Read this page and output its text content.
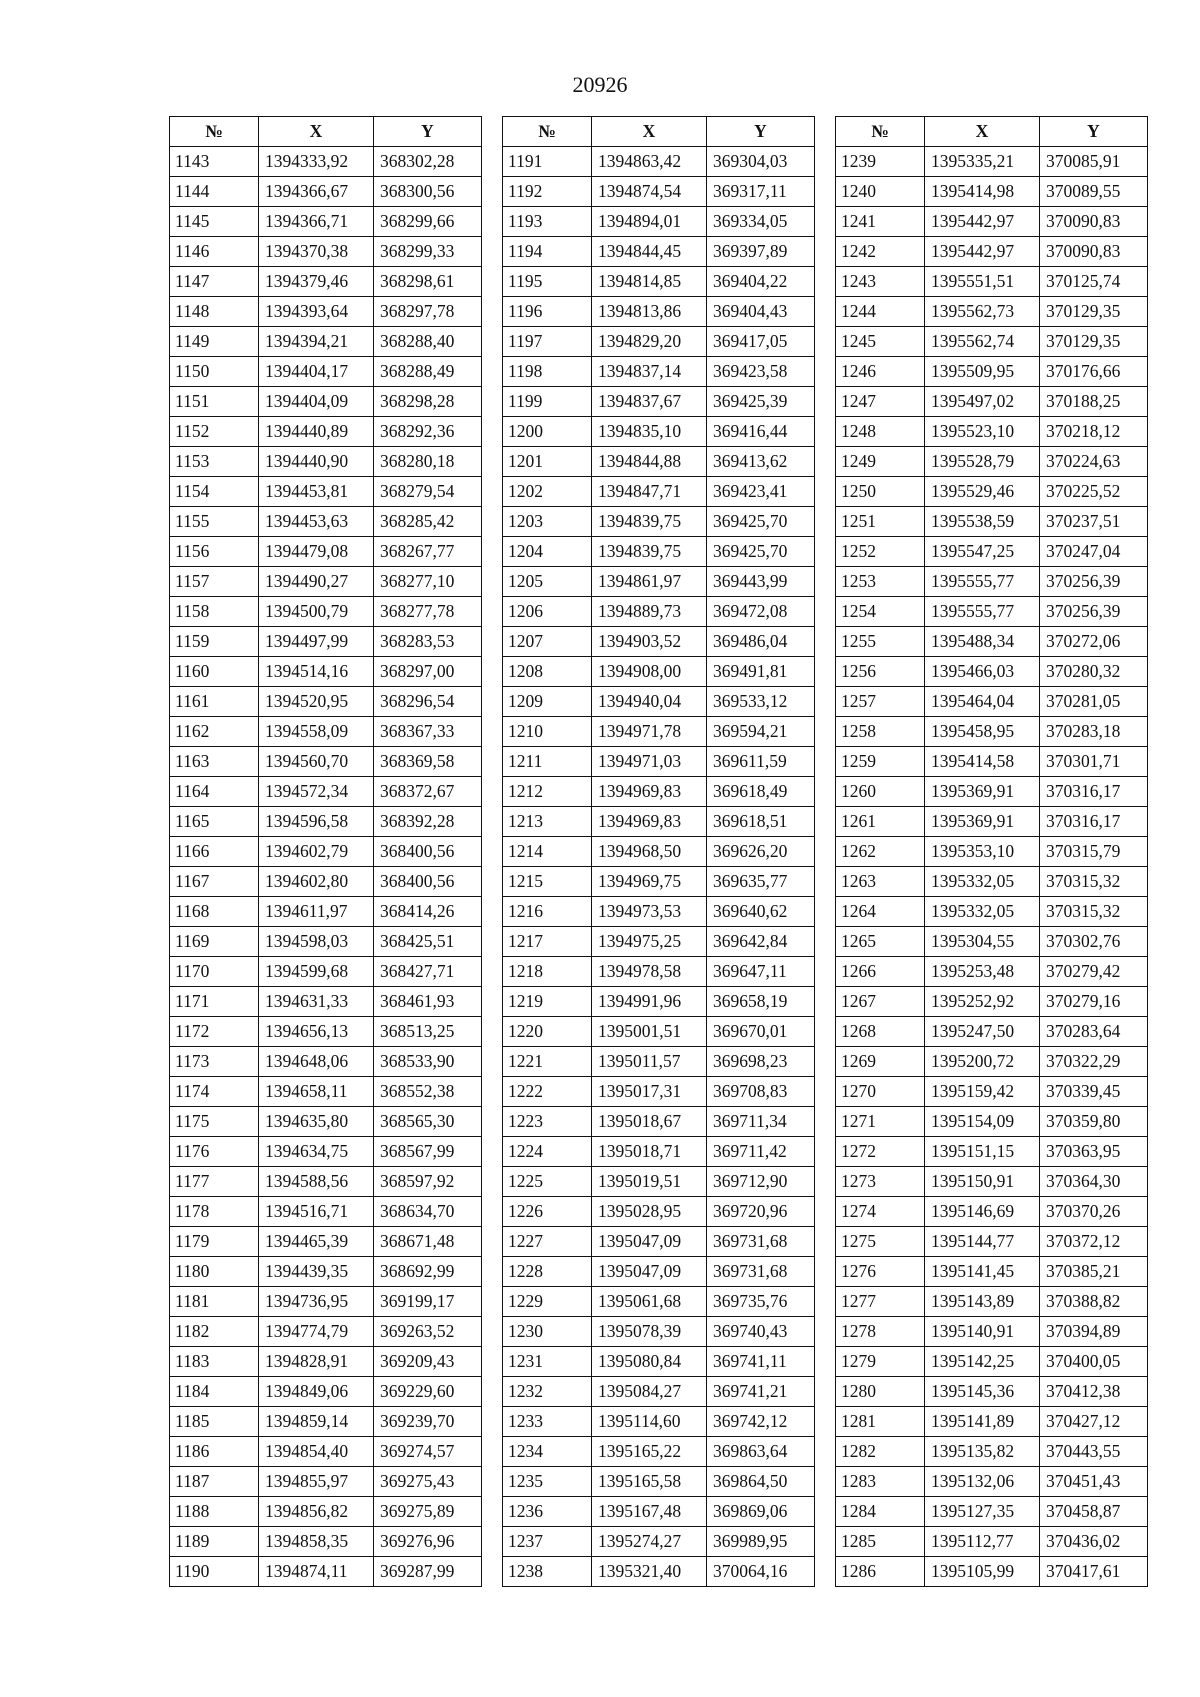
20926
№	X	Y
1143	1394333,92	368302,28
1144	1394366,67	368300,56
1145	1394366,71	368299,66
1146	1394370,38	368299,33
1147	1394379,46	368298,61
1148	1394393,64	368297,78
1149	1394394,21	368288,40
1150	1394404,17	368288,49
1151	1394404,09	368298,28
1152	1394440,89	368292,36
1153	1394440,90	368280,18
1154	1394453,81	368279,54
1155	1394453,63	368285,42
1156	1394479,08	368267,77
1157	1394490,27	368277,10
1158	1394500,79	368277,78
1159	1394497,99	368283,53
1160	1394514,16	368297,00
1161	1394520,95	368296,54
1162	1394558,09	368367,33
1163	1394560,70	368369,58
1164	1394572,34	368372,67
1165	1394596,58	368392,28
1166	1394602,79	368400,56
1167	1394602,80	368400,56
1168	1394611,97	368414,26
1169	1394598,03	368425,51
1170	1394599,68	368427,71
1171	1394631,33	368461,93
1172	1394656,13	368513,25
1173	1394648,06	368533,90
1174	1394658,11	368552,38
1175	1394635,80	368565,30
1176	1394634,75	368567,99
1177	1394588,56	368597,92
1178	1394516,71	368634,70
1179	1394465,39	368671,48
1180	1394439,35	368692,99
1181	1394736,95	369199,17
1182	1394774,79	369263,52
1183	1394828,91	369209,43
1184	1394849,06	369229,60
1185	1394859,14	369239,70
1186	1394854,40	369274,57
1187	1394855,97	369275,43
1188	1394856,82	369275,89
1189	1394858,35	369276,96
1190	1394874,11	369287,99
№	X	Y
1191	1394863,42	369304,03
1192	1394874,54	369317,11
1193	1394894,01	369334,05
1194	1394844,45	369397,89
1195	1394814,85	369404,22
1196	1394813,86	369404,43
1197	1394829,20	369417,05
1198	1394837,14	369423,58
1199	1394837,67	369425,39
1200	1394835,10	369416,44
1201	1394844,88	369413,62
1202	1394847,71	369423,41
1203	1394839,75	369425,70
1204	1394839,75	369425,70
1205	1394861,97	369443,99
1206	1394889,73	369472,08
1207	1394903,52	369486,04
1208	1394908,00	369491,81
1209	1394940,04	369533,12
1210	1394971,78	369594,21
1211	1394971,03	369611,59
1212	1394969,83	369618,49
1213	1394969,83	369618,51
1214	1394968,50	369626,20
1215	1394969,75	369635,77
1216	1394973,53	369640,62
1217	1394975,25	369642,84
1218	1394978,58	369647,11
1219	1394991,96	369658,19
1220	1395001,51	369670,01
1221	1395011,57	369698,23
1222	1395017,31	369708,83
1223	1395018,67	369711,34
1224	1395018,71	369711,42
1225	1395019,51	369712,90
1226	1395028,95	369720,96
1227	1395047,09	369731,68
1228	1395047,09	369731,68
1229	1395061,68	369735,76
1230	1395078,39	369740,43
1231	1395080,84	369741,11
1232	1395084,27	369741,21
1233	1395114,60	369742,12
1234	1395165,22	369863,64
1235	1395165,58	369864,50
1236	1395167,48	369869,06
1237	1395274,27	369989,95
1238	1395321,40	370064,16
№	X	Y
1239	1395335,21	370085,91
1240	1395414,98	370089,55
1241	1395442,97	370090,83
1242	1395442,97	370090,83
1243	1395551,51	370125,74
1244	1395562,73	370129,35
1245	1395562,74	370129,35
1246	1395509,95	370176,66
1247	1395497,02	370188,25
1248	1395523,10	370218,12
1249	1395528,79	370224,63
1250	1395529,46	370225,52
1251	1395538,59	370237,51
1252	1395547,25	370247,04
1253	1395555,77	370256,39
1254	1395555,77	370256,39
1255	1395488,34	370272,06
1256	1395466,03	370280,32
1257	1395464,04	370281,05
1258	1395458,95	370283,18
1259	1395414,58	370301,71
1260	1395369,91	370316,17
1261	1395369,91	370316,17
1262	1395353,10	370315,79
1263	1395332,05	370315,32
1264	1395332,05	370315,32
1265	1395304,55	370302,76
1266	1395253,48	370279,42
1267	1395252,92	370279,16
1268	1395247,50	370283,64
1269	1395200,72	370322,29
1270	1395159,42	370339,45
1271	1395154,09	370359,80
1272	1395151,15	370363,95
1273	1395150,91	370364,30
1274	1395146,69	370370,26
1275	1395144,77	370372,12
1276	1395141,45	370385,21
1277	1395143,89	370388,82
1278	1395140,91	370394,89
1279	1395142,25	370400,05
1280	1395145,36	370412,38
1281	1395141,89	370427,12
1282	1395135,82	370443,55
1283	1395132,06	370451,43
1284	1395127,35	370458,87
1285	1395112,77	370436,02
1286	1395105,99	370417,61
